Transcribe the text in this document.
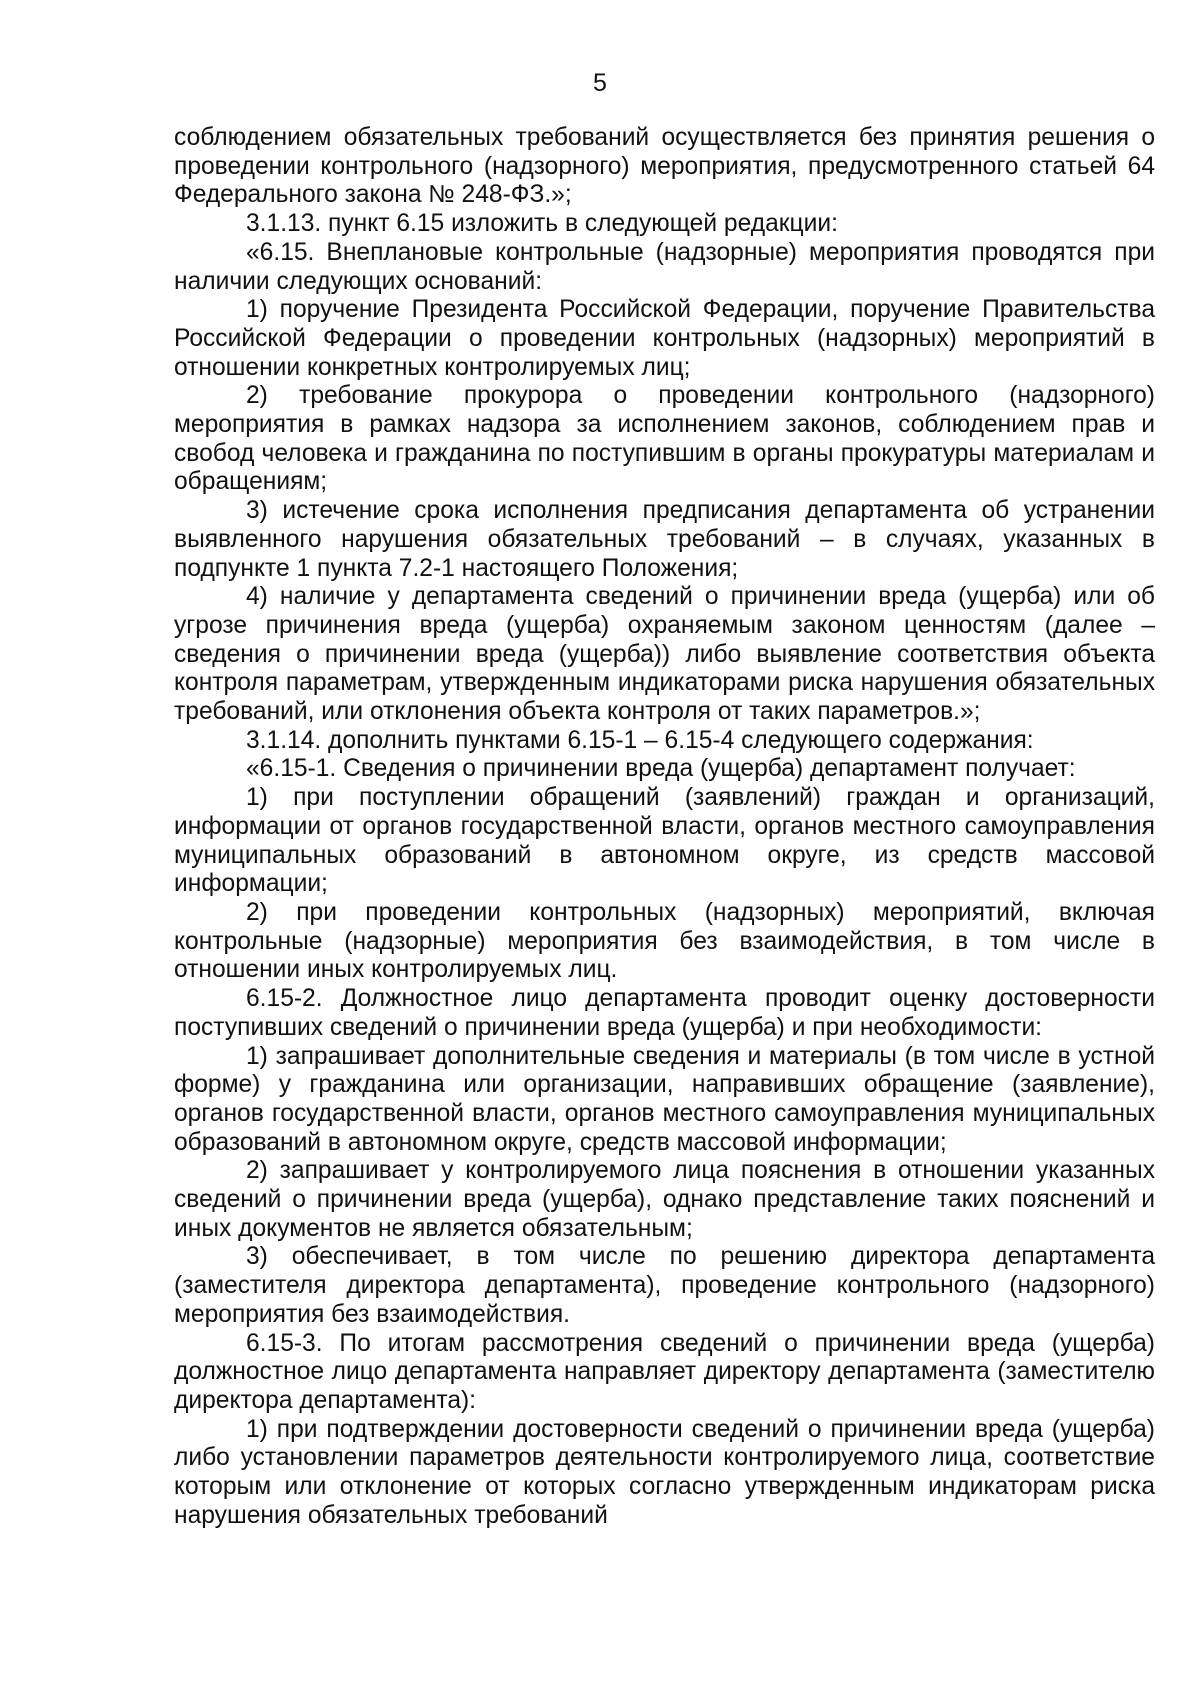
5

соблюдением обязательных требований осуществляется без принятия решения о проведении контрольного (надзорного) мероприятия, предусмотренного статьей 64 Федерального закона № 248-ФЗ.»;

3.1.13. пункт 6.15 изложить в следующей редакции:

«6.15. Внеплановые контрольные (надзорные) мероприятия проводятся при наличии следующих оснований:

1) поручение Президента Российской Федерации, поручение Правительства Российской Федерации о проведении контрольных (надзорных) мероприятий в отношении конкретных контролируемых лиц;

2) требование прокурора о проведении контрольного (надзорного) мероприятия в рамках надзора за исполнением законов, соблюдением прав и свобод человека и гражданина по поступившим в органы прокуратуры материалам и обращениям;

3) истечение срока исполнения предписания департамента об устранении выявленного нарушения обязательных требований – в случаях, указанных в подпункте 1 пункта 7.2-1 настоящего Положения;

4) наличие у департамента сведений о причинении вреда (ущерба) или об угрозе причинения вреда (ущерба) охраняемым законом ценностям (далее – сведения о причинении вреда (ущерба)) либо выявление соответствия объекта контроля параметрам, утвержденным индикаторами риска нарушения обязательных требований, или отклонения объекта контроля от таких параметров.»;

3.1.14. дополнить пунктами 6.15-1 – 6.15-4 следующего содержания:

«6.15-1. Сведения о причинении вреда (ущерба) департамент получает:

1) при поступлении обращений (заявлений) граждан и организаций, информации от органов государственной власти, органов местного самоуправления муниципальных образований в автономном округе, из средств массовой информации;

2) при проведении контрольных (надзорных) мероприятий, включая контрольные (надзорные) мероприятия без взаимодействия, в том числе в отношении иных контролируемых лиц.

6.15-2. Должностное лицо департамента проводит оценку достоверности поступивших сведений о причинении вреда (ущерба) и при необходимости:

1) запрашивает дополнительные сведения и материалы (в том числе в устной форме) у гражданина или организации, направивших обращение (заявление), органов государственной власти, органов местного самоуправления муниципальных образований в автономном округе, средств массовой информации;

2) запрашивает у контролируемого лица пояснения в отношении указанных сведений о причинении вреда (ущерба), однако представление таких пояснений и иных документов не является обязательным;

3) обеспечивает, в том числе по решению директора департамента (заместителя директора департамента), проведение контрольного (надзорного) мероприятия без взаимодействия.

6.15-3. По итогам рассмотрения сведений о причинении вреда (ущерба) должностное лицо департамента направляет директору департамента (заместителю директора департамента):

1) при подтверждении достоверности сведений о причинении вреда (ущерба) либо установлении параметров деятельности контролируемого лица, соответствие которым или отклонение от которых согласно утвержденным индикаторам риска нарушения обязательных требований
